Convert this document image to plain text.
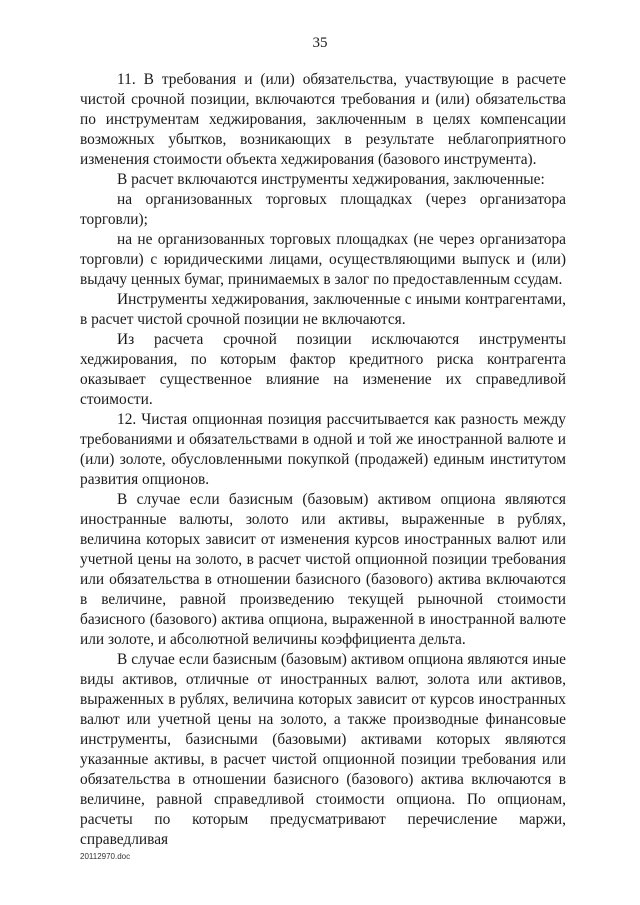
35

11. В требования и (или) обязательства, участвующие в расчете чистой срочной позиции, включаются требования и (или) обязательства по инструментам хеджирования, заключенным в целях компенсации возможных убытков, возникающих в результате неблагоприятного изменения стоимости объекта хеджирования (базового инструмента).

В расчет включаются инструменты хеджирования, заключенные:

на организованных торговых площадках (через организатора торговли);

на не организованных торговых площадках (не через организатора торговли) с юридическими лицами, осуществляющими выпуск и (или) выдачу ценных бумаг, принимаемых в залог по предоставленным ссудам.

Инструменты хеджирования, заключенные с иными контрагентами, в расчет чистой срочной позиции не включаются.

Из расчета срочной позиции исключаются инструменты хеджирования, по которым фактор кредитного риска контрагента оказывает существенное влияние на изменение их справедливой стоимости.

12. Чистая опционная позиция рассчитывается как разность между требованиями и обязательствами в одной и той же иностранной валюте и (или) золоте, обусловленными покупкой (продажей) единым институтом развития опционов.

В случае если базисным (базовым) активом опциона являются иностранные валюты, золото или активы, выраженные в рублях, величина которых зависит от изменения курсов иностранных валют или учетной цены на золото, в расчет чистой опционной позиции требования или обязательства в отношении базисного (базового) актива включаются в величине, равной произведению текущей рыночной стоимости базисного (базового) актива опциона, выраженной в иностранной валюте или золоте, и абсолютной величины коэффициента дельта.

В случае если базисным (базовым) активом опциона являются иные виды активов, отличные от иностранных валют, золота или активов, выраженных в рублях, величина которых зависит от курсов иностранных валют или учетной цены на золото, а также производные финансовые инструменты, базисными (базовыми) активами которых являются указанные активы, в расчет чистой опционной позиции требования или обязательства в отношении базисного (базового) актива включаются в величине, равной справедливой стоимости опциона. По опционам, расчеты по которым предусматривают перечисление маржи, справедливая

20112970.doc
